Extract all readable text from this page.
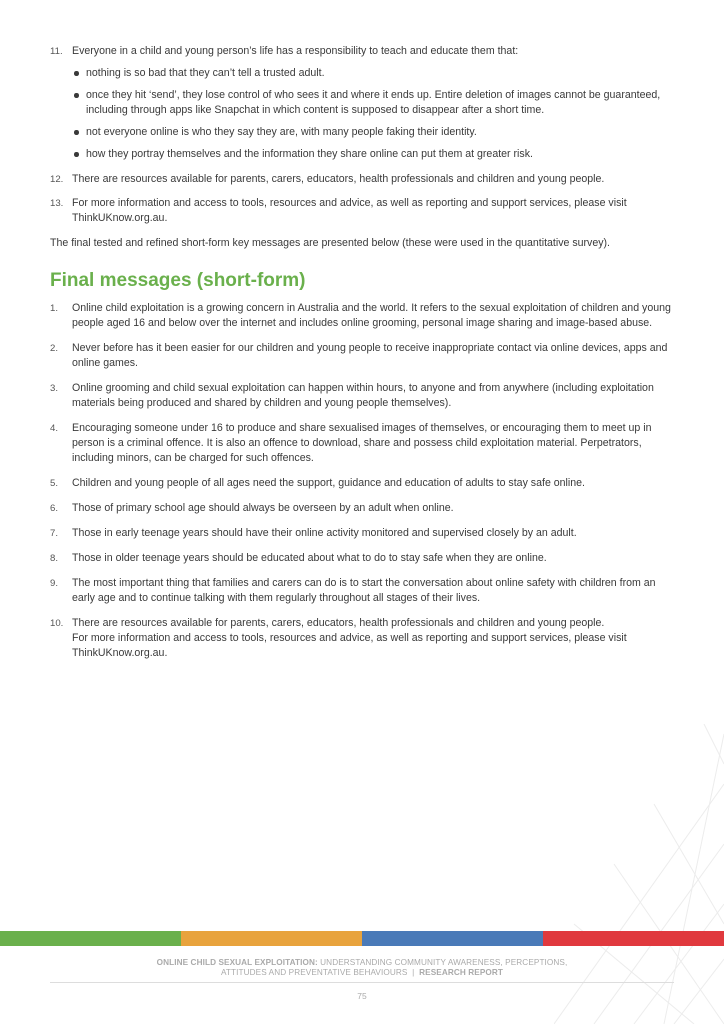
11. Everyone in a child and young person’s life has a responsibility to teach and educate them that:
nothing is so bad that they can’t tell a trusted adult.
once they hit ‘send’, they lose control of who sees it and where it ends up. Entire deletion of images cannot be guaranteed, including through apps like Snapchat in which content is supposed to disappear after a short time.
not everyone online is who they say they are, with many people faking their identity.
how they portray themselves and the information they share online can put them at greater risk.
12. There are resources available for parents, carers, educators, health professionals and children and young people.
13. For more information and access to tools, resources and advice, as well as reporting and support services, please visit ThinkUKnow.org.au.

The final tested and refined short-form key messages are presented below (these were used in the quantitative survey).

Final messages (short-form)
1. Online child exploitation is a growing concern in Australia and the world. It refers to the sexual exploitation of children and young people aged 16 and below over the internet and includes online grooming, personal image sharing and image-based abuse.
2. Never before has it been easier for our children and young people to receive inappropriate contact via online devices, apps and online games.
3. Online grooming and child sexual exploitation can happen within hours, to anyone and from anywhere (including exploitation materials being produced and shared by children and young people themselves).
4. Encouraging someone under 16 to produce and share sexualised images of themselves, or encouraging them to meet up in person is a criminal offence. It is also an offence to download, share and possess child exploitation material. Perpetrators, including minors, can be charged for such offences.
5. Children and young people of all ages need the support, guidance and education of adults to stay safe online.
6. Those of primary school age should always be overseen by an adult when online.
7. Those in early teenage years should have their online activity monitored and supervised closely by an adult.
8. Those in older teenage years should be educated about what to do to stay safe when they are online.
9. The most important thing that families and carers can do is to start the conversation about online safety with children from an early age and to continue talking with them regularly throughout all stages of their lives.
10. There are resources available for parents, carers, educators, health professionals and children and young people.
For more information and access to tools, resources and advice, as well as reporting and support services, please visit ThinkUKnow.org.au.
ONLINE CHILD SEXUAL EXPLOITATION: UNDERSTANDING COMMUNITY AWARENESS, PERCEPTIONS,
ATTITUDES AND PREVENTATIVE BEHAVIOURS | RESEARCH REPORT
75
